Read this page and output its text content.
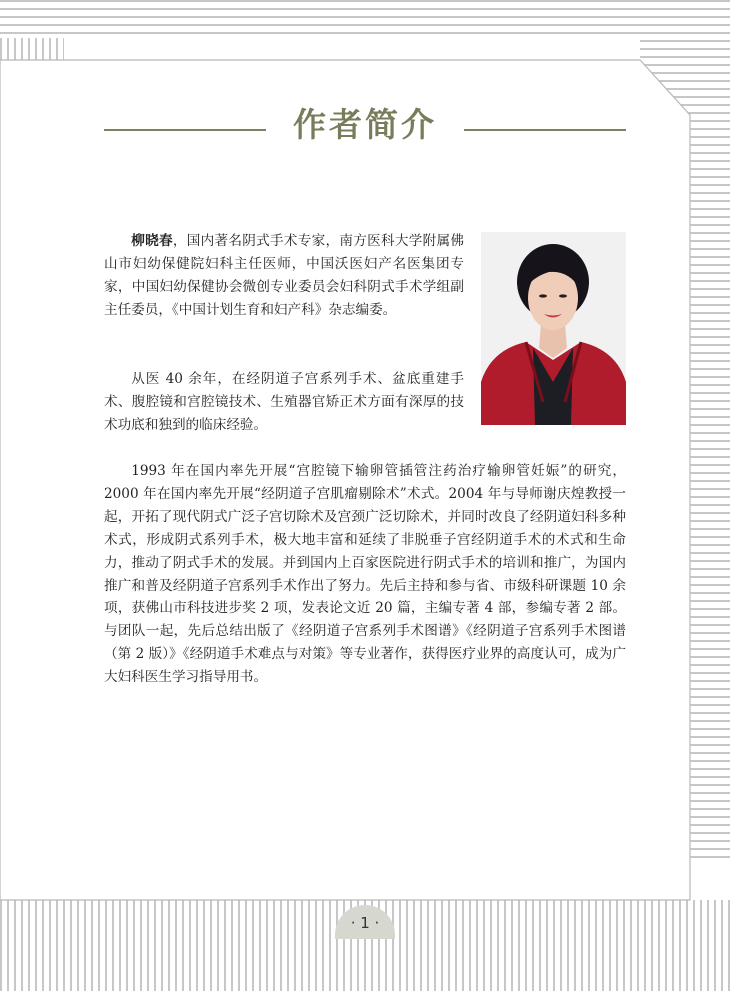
作者简介

柳晓春，国内著名阴式手术专家，南方医科大学附属佛山市妇幼保健院妇科主任医师，中国沃医妇产名医集团专家，中国妇幼保健协会微创专业委员会妇科阴式手术学组副主任委员，《中国计划生育和妇产科》杂志编委。

从医 40 余年，在经阴道子宫系列手术、盆底重建手术、腹腔镜和宫腔镜技术、生殖器官矫正术方面有深厚的技术功底和独到的临床经验。

1993 年在国内率先开展“宫腔镜下输卵管插管注药治疗输卵管妊娠”的研究，2000 年在国内率先开展“经阴道子宫肌瘤剔除术”术式。2004 年与导师谢庆煌教授一起，开拓了现代阴式广泛子宫切除术及宫颈广泛切除术，并同时改良了经阴道妇科多种术式，形成阴式系列手术，极大地丰富和延续了非脱垂子宫经阴道手术的术式和生命力，推动了阴式手术的发展。并到国内上百家医院进行阴式手术的培训和推广，为国内推广和普及经阴道子宫系列手术作出了努力。先后主持和参与省、市级科研课题 10 余项，获佛山市科技进步奖 2 项，发表论文近 20 篇，主编专著 4 部，参编专著 2 部。与团队一起，先后总结出版了《经阴道子宫系列手术图谱》《经阴道子宫系列手术图谱（第 2 版）》《经阴道手术难点与对策》等专业著作，获得医疗业界的高度认可，成为广大妇科医生学习指导用书。

· 1 ·
